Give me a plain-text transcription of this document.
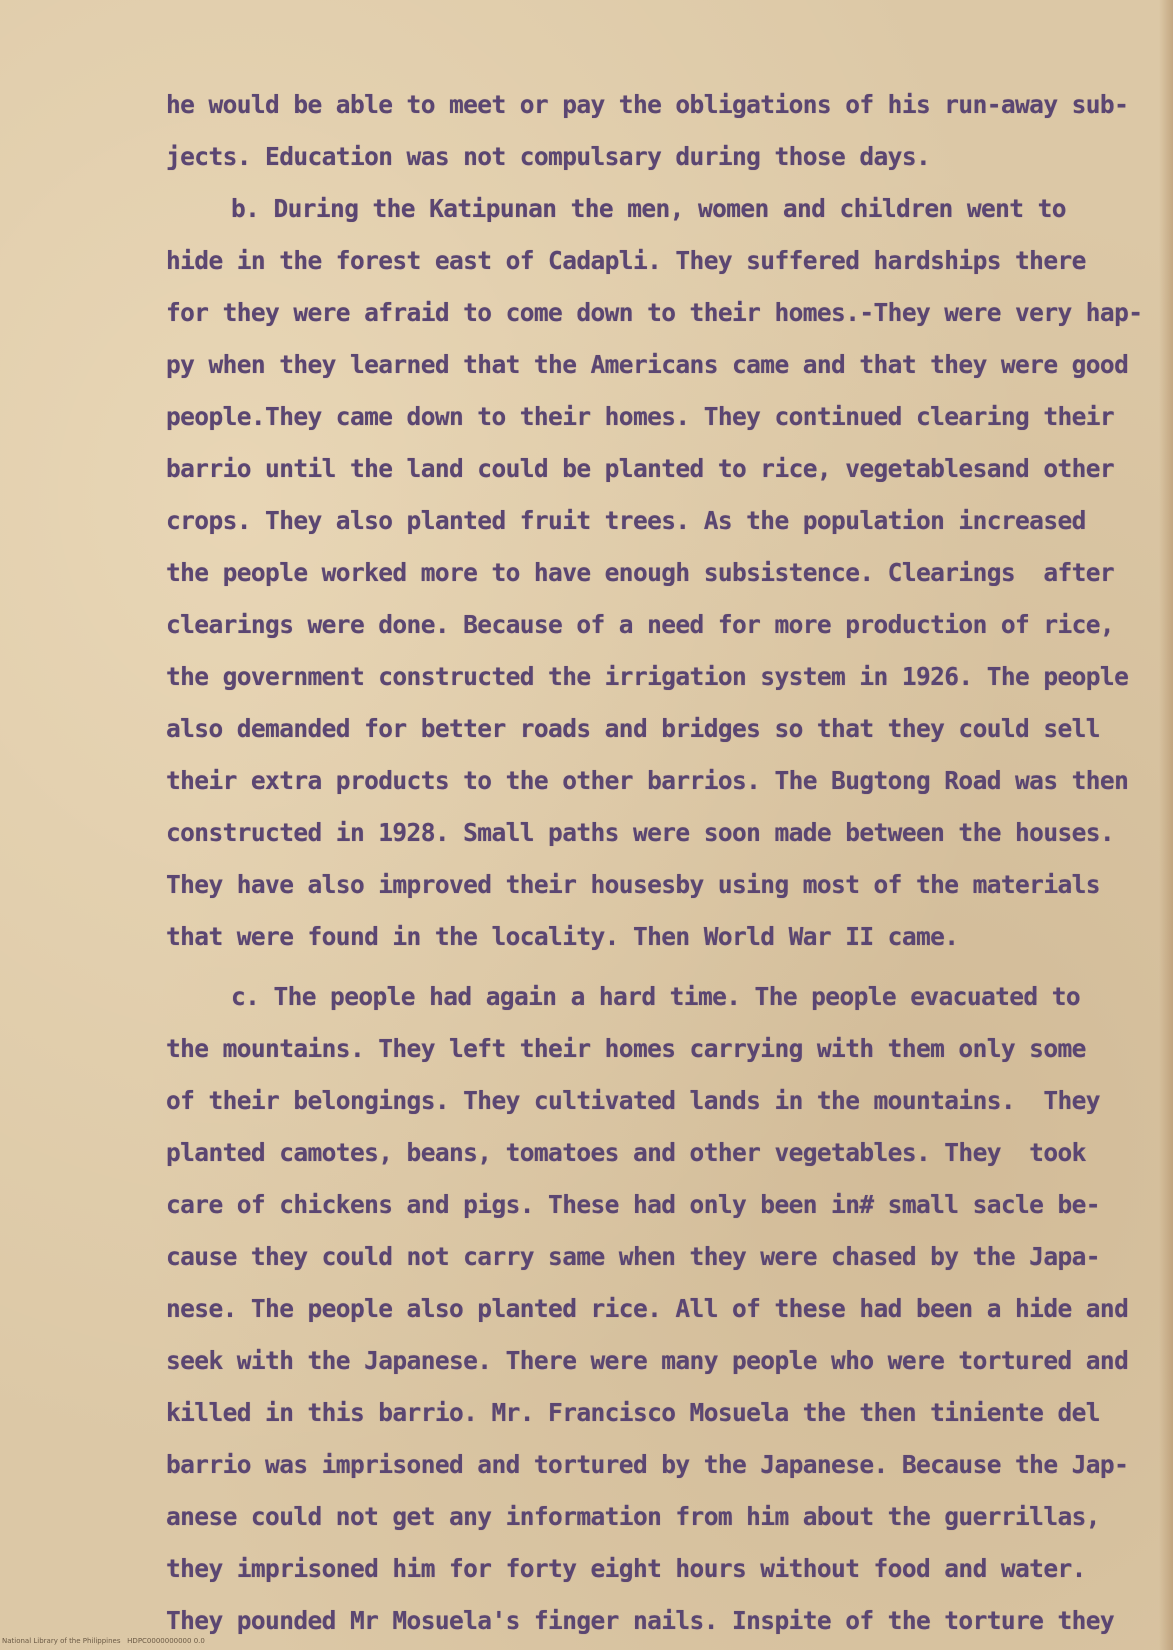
he would be able to meet or pay the obligations of his run-away sub-
jects. Education was not compulsary during those days.
b. During the Katipunan the men, women and children went to
hide in the forest east of Cadapli. They suffered hardships there
for they were afraid to come down to their homes.-They were very hap-
py when they learned that the Americans came and that they were good
people.They came down to their homes. They continued clearing their
barrio until the land could be planted to rice, vegetablesand other
crops. They also planted fruit trees. As the population increased
the people worked more to have enough subsistence. Clearings  after
clearings were done. Because of a need for more production of rice,
the government constructed the irrigation system in 1926. The people
also demanded for better roads and bridges so that they could sell
their extra products to the other barrios. The Bugtong Road was then
constructed in 1928. Small paths were soon made between the houses.
They have also improved their housesby using most of the materials
that were found in the locality. Then World War II came.
c. The people had again a hard time. The people evacuated to
the mountains. They left their homes carrying with them only some
of their belongings. They cultivated lands in the mountains.  They
planted camotes, beans, tomatoes and other vegetables. They  took
care of chickens and pigs. These had only been in# small sacle be-
cause they could not carry same when they were chased by the Japa-
nese. The people also planted rice. All of these had been a hide and
seek with the Japanese. There were many people who were tortured and
killed in this barrio. Mr. Francisco Mosuela the then tiniente del
barrio was imprisoned and tortured by the Japanese. Because the Jap-
anese could not get any information from him about the guerrillas,
they imprisoned him for forty eight hours without food and water.
They pounded Mr Mosuela's finger nails. Inspite of the torture they
National Library of the Philippines   HDPC0000000000 0.0
